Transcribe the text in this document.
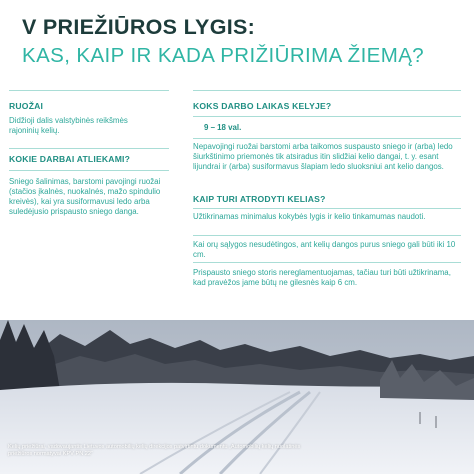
V PRIEŽIŪROS LYGIS:
KAS, KAIP IR KADA PRIŽIŪRIMA ŽIEMĄ?
RUOŽAI

Didžioji dalis valstybinės reikšmės rajoninių kelių.

KOKIE DARBAI ATLIEKAMI?

Sniego šalinimas, barstomi pavojingi ruožai (stačios įkalnės, nuokalnės, mažo spindulio kreivės), kai yra susiformavusi ledo arba suledėjusio prispausto sniego danga.

KOKS DARBO LAIKAS KELYJE?
9 – 18 val.

Nepavojingi ruožai barstomi arba taikomos suspausto sniego ir (arba) ledo šiurkštinimo priemonės tik atsiradus itin slidžiai kelio dangai, t. y. esant lijundrai ir (arba) susiformavus šlapiam ledo sluoksniui ant kelio dangos.

KAIP TURI ATRODYTI KELIAS?

Užtikrinamas minimalus kokybės lygis ir kelio tinkamumas naudoti.

Kai orų sąlygos nesudėtingos, ant kelių dangos purus sniego gali būti iki 10 cm.

Prispausto sniego storis nereglamentuojamas, tačiau turi būti užtikrinama, kad pravėžos jame būtų ne gilesnės kaip 6 cm.

Kelių priežiūrai, vadovaujantis Lietuvos automobilių kelių direkcijos patvirtintu dokumentu „Automobilių kelių nuolatinės priežiūros normatyvai KPV PN 22“
